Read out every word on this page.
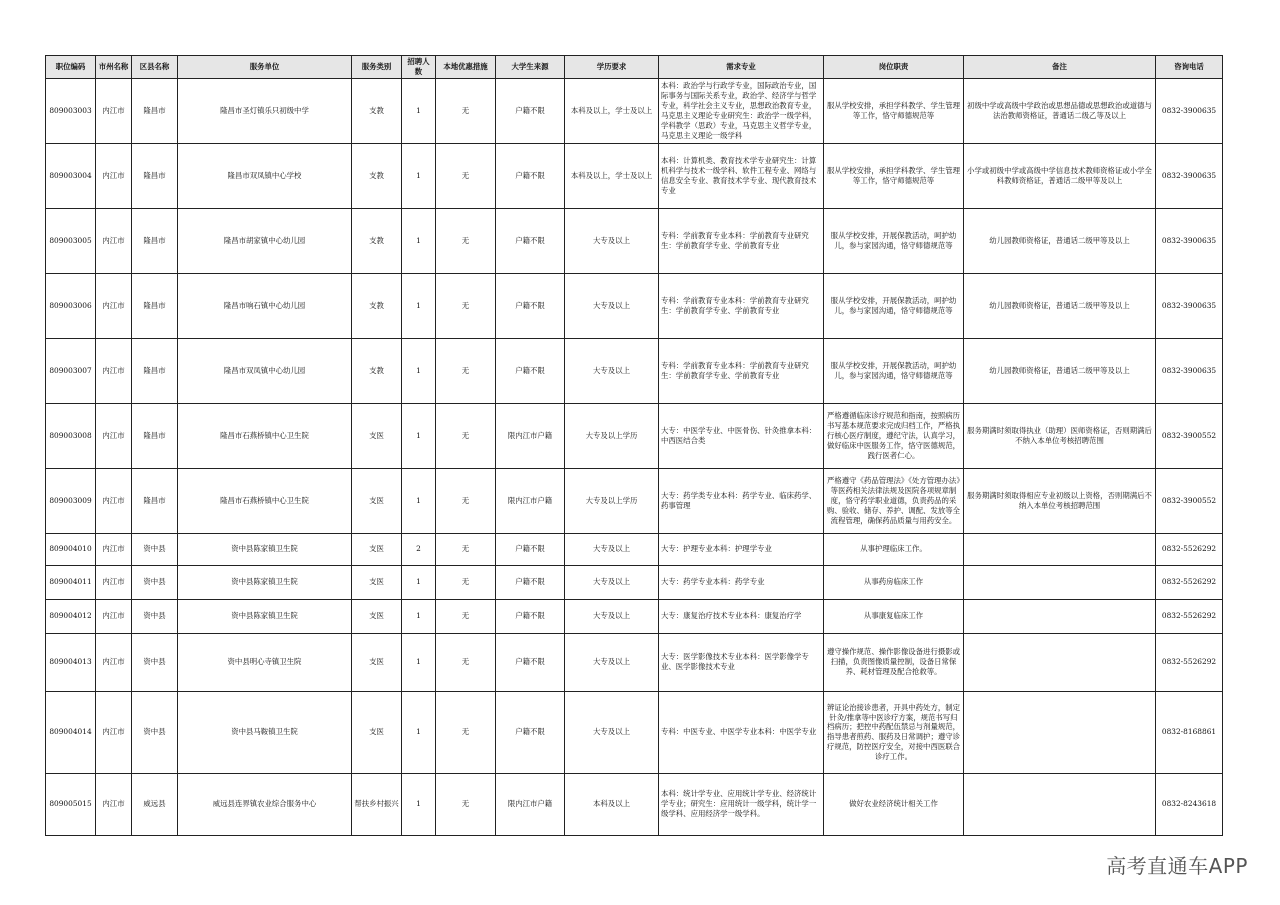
职位编码	市州名称	区县名称	服务单位	服务类别	招聘人数	本地优惠措施	大学生来源	学历要求	需求专业	岗位职责	备注	咨询电话
809003003	内江市	隆昌市	隆昌市圣灯镇乐只初级中学	支教	1	无	户籍不限	本科及以上，学士及以上	本科：政治学与行政学专业，国际政治专业，国际事务与国际关系专业，政治学、经济学与哲学专业，科学社会主义专业，思想政治教育专业，马克思主义理论专业研究生：政治学一级学科，学科教学（思政）专业，马克思主义哲学专业，马克思主义理论一级学科	服从学校安排，承担学科教学、学生管理等工作，恪守师德规范等	初级中学或高级中学政治或思想品德或思想政治或道德与法治教师资格证，普通话二级乙等及以上	0832-3900635
809003004	内江市	隆昌市	隆昌市双凤镇中心学校	支教	1	无	户籍不限	本科及以上，学士及以上	本科：计算机类、教育技术学专业研究生：计算机科学与技术一级学科、软件工程专业、网络与信息安全专业、教育技术学专业、现代教育技术专业	服从学校安排，承担学科教学、学生管理等工作，恪守师德规范等	小学或初级中学或高级中学信息技术教师资格证或小学全科教师资格证，普通话二级甲等及以上	0832-3900635
809003005	内江市	隆昌市	隆昌市胡家镇中心幼儿园	支教	1	无	户籍不限	大专及以上	专科：学前教育专业本科：学前教育专业研究生：学前教育学专业、学前教育专业	服从学校安排，开展保教活动，呵护幼儿，参与家园沟通，恪守师德规范等	幼儿园教师资格证，普通话二级甲等及以上	0832-3900635
809003006	内江市	隆昌市	隆昌市响石镇中心幼儿园	支教	1	无	户籍不限	大专及以上	专科：学前教育专业本科：学前教育专业研究生：学前教育学专业、学前教育专业	服从学校安排，开展保教活动，呵护幼儿，参与家园沟通，恪守师德规范等	幼儿园教师资格证，普通话二级甲等及以上	0832-3900635
809003007	内江市	隆昌市	隆昌市双凤镇中心幼儿园	支教	1	无	户籍不限	大专及以上	专科：学前教育专业本科：学前教育专业研究生：学前教育学专业、学前教育专业	服从学校安排，开展保教活动，呵护幼儿，参与家园沟通，恪守师德规范等	幼儿园教师资格证，普通话二级甲等及以上	0832-3900635
809003008	内江市	隆昌市	隆昌市石燕桥镇中心卫生院	支医	1	无	限内江市户籍	大专及以上学历	大专：中医学专业、中医骨伤、针灸推拿本科：中西医结合类	严格遵循临床诊疗规范和指南，按照病历书写基本规范要求完成归档工作，严格执行核心医疗制度，遵纪守法，认真学习，做好临床中医服务工作，恪守医德规范，践行医者仁心。	服务期满时须取得执业（助理）医师资格证，否则期满后不纳入本单位考核招聘范围	0832-3900552
809003009	内江市	隆昌市	隆昌市石燕桥镇中心卫生院	支医	1	无	限内江市户籍	大专及以上学历	大专：药学类专业本科：药学专业、临床药学、药事管理	严格遵守《药品管理法》《处方管理办法》等医药相关法律法规及医院各项规章制度，恪守药学职业道德，负责药品的采购、验收、储存、养护、调配、发放等全流程管理，确保药品质量与用药安全。	服务期满时须取得相应专业初级以上资格，否则期满后不纳入本单位考核招聘范围	0832-3900552
809004010	内江市	资中县	资中县陈家镇卫生院	支医	2	无	户籍不限	大专及以上	大专：护理专业本科：护理学专业	从事护理临床工作。		0832-5526292
809004011	内江市	资中县	资中县陈家镇卫生院	支医	1	无	户籍不限	大专及以上	大专：药学专业本科：药学专业	从事药房临床工作		0832-5526292
809004012	内江市	资中县	资中县陈家镇卫生院	支医	1	无	户籍不限	大专及以上	大专：康复治疗技术专业本科：康复治疗学	从事康复临床工作		0832-5526292
809004013	内江市	资中县	资中县明心寺镇卫生院	支医	1	无	户籍不限	大专及以上	大专：医学影像技术专业本科：医学影像学专业、医学影像技术专业	遵守操作规范、操作影像设备进行摄影或扫描，负责图像质量控制，设备日常保养、耗材管理及配合抢救等。		0832-5526292
809004014	内江市	资中县	资中县马鞍镇卫生院	支医	1	无	户籍不限	大专及以上	专科：中医专业、中医学专业本科：中医学专业	辨证论治接诊患者，开具中药处方，制定针灸/推拿等中医诊疗方案，规范书写归档病历；把控中药配伍禁忌与剂量规范，指导患者煎药、服药及日常调护；遵守诊疗规范，防控医疗安全，对接中西医联合诊疗工作。		0832-8168861
809005015	内江市	威远县	威远县连界镇农业综合服务中心	帮扶乡村振兴	1	无	限内江市户籍	本科及以上	本科：统计学专业、应用统计学专业、经济统计学专业；研究生：应用统计一级学科，统计学一级学科、应用经济学一级学科。	做好农业经济统计相关工作		0832-8243618
高考直通车APP
